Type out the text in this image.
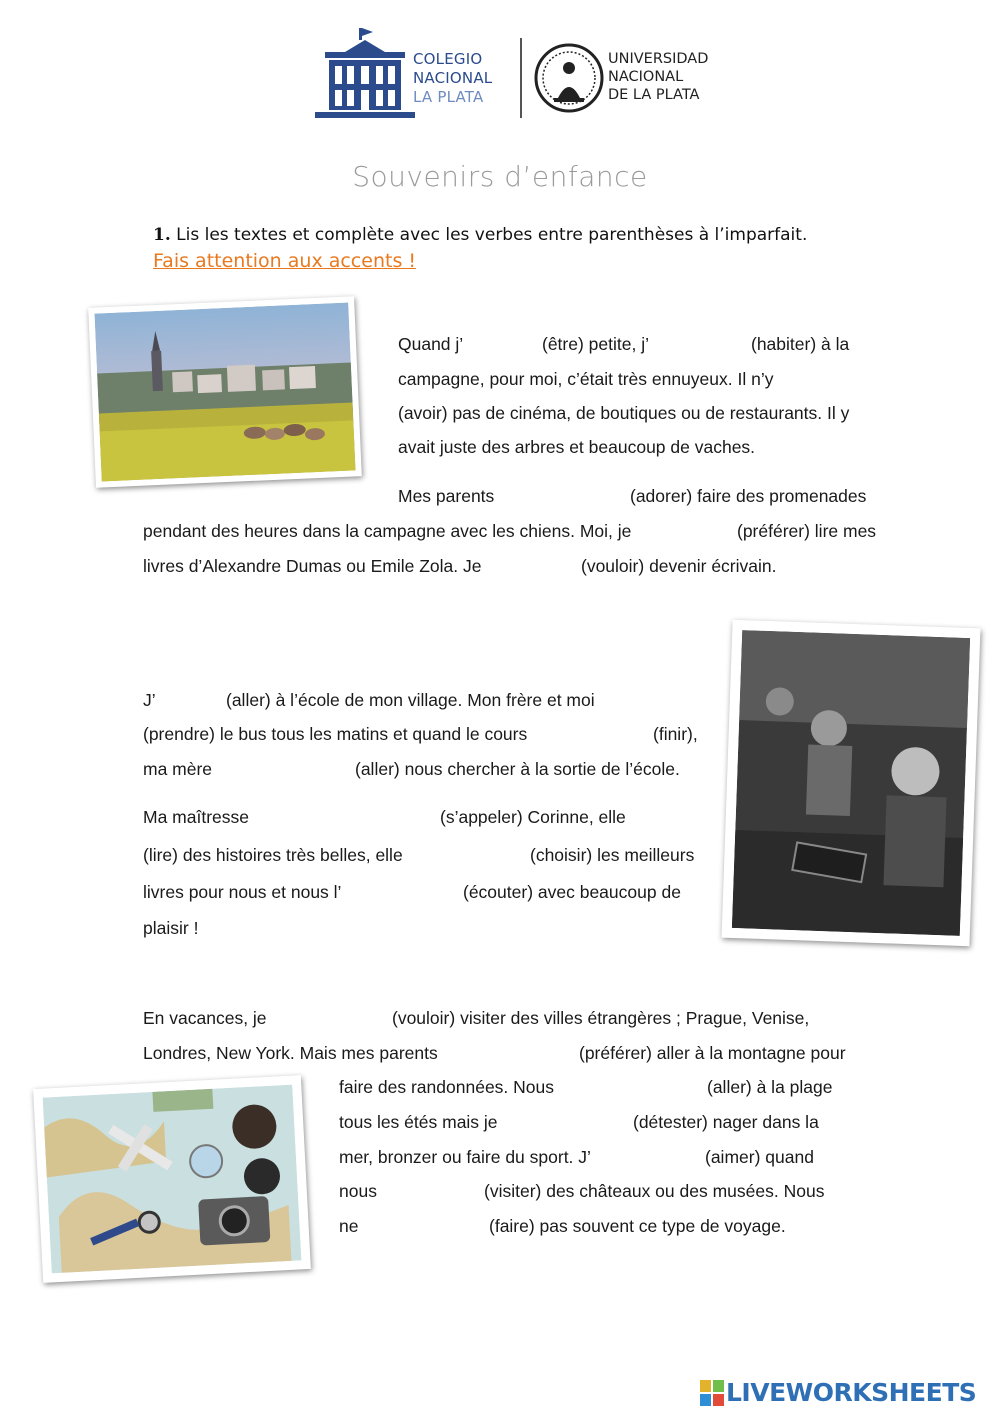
COLEGIO
NACIONAL
LA PLATA
UNIVERSIDAD
NACIONAL
DE LA PLATA
Souvenirs d’enfance
1. Lis les textes et complète avec les verbes entre parenthèses à l’imparfait.
Fais attention aux accents !
Quand j’	(être) petite, j’	(habiter) à la
campagne, pour moi, c’était très ennuyeux. Il n’y
(avoir) pas de cinéma, de boutiques ou de restaurants. Il y
avait juste des arbres et beaucoup de vaches.
Mes parents	(adorer) faire des promenades
pendant des heures dans la campagne avec les chiens. Moi, je	(préférer) lire mes
livres d’Alexandre Dumas ou Emile Zola. Je	(vouloir) devenir écrivain.
J’	(aller) à l’école de mon village. Mon frère et moi
(prendre) le bus tous les matins et quand le cours	(finir),
ma mère	(aller) nous chercher à la sortie de l’école.
Ma maîtresse	(s’appeler) Corinne, elle
(lire) des histoires très belles, elle	(choisir) les meilleurs
livres pour nous et nous l’	(écouter) avec beaucoup de
plaisir !
En vacances, je	(vouloir) visiter des villes étrangères ; Prague, Venise,
Londres, New York. Mais mes parents	(préférer) aller à la montagne pour
faire des randonnées. Nous	(aller) à la plage
tous les étés mais je	(détester) nager dans la
mer, bronzer ou faire du sport. J’	(aimer) quand
nous	(visiter) des châteaux ou des musées. Nous
ne	(faire) pas souvent ce type de voyage.
LIVEWORKSHEETS
